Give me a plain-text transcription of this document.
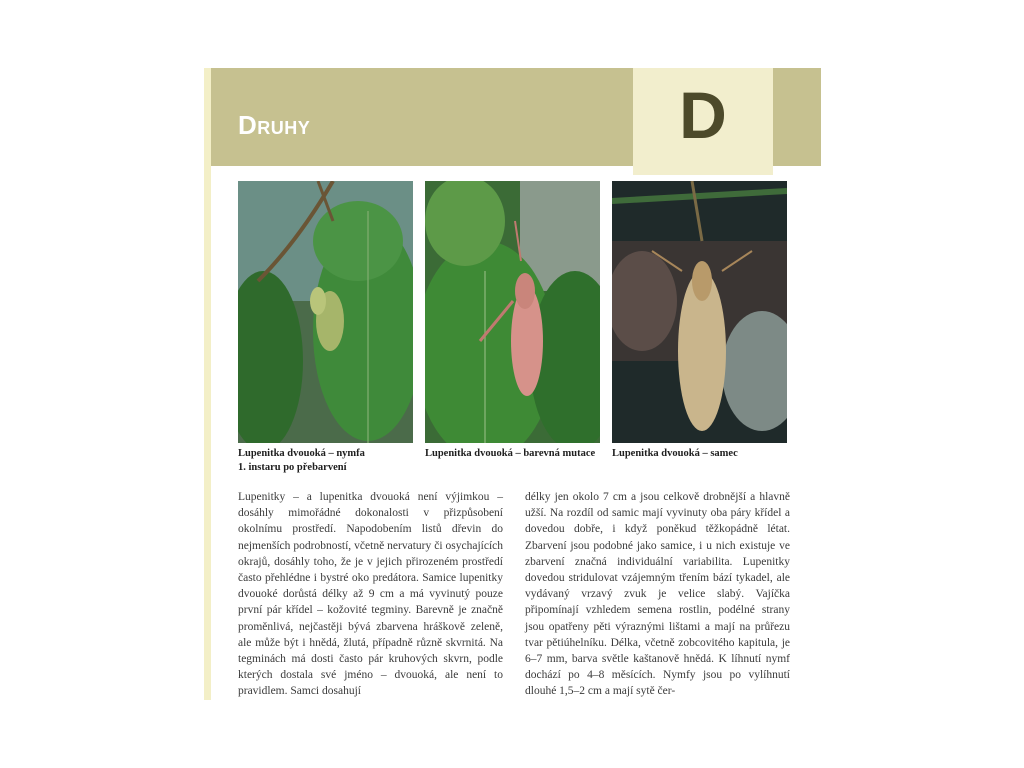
Druhy	D
Lupenitka dvouoká – nymfa
1. instaru po přebarvení
Lupenitka dvouoká – barevná mutace	Lupenitka dvouoká – samec
Lupenitky – a lupenitka dvouoká není výjimkou – dosáhly mimořádné dokonalosti v přizpůsobení okolnímu prostředí. Napodobením listů dřevin do nejmenších podrobností, včetně nervatury či osychajících okrajů, dosáhly toho, že je v jejich přirozeném prostředí často přehlédne i bystré oko predátora. Samice lupenitky dvouoké dorůstá délky až 9 cm a má vyvinutý pouze první pár křídel – kožovité tegminy. Barevně je značně proměnlivá, nejčastěji bývá zbarvena hráškově zeleně, ale může být i hnědá, žlutá, případně různě skvrnitá. Na tegminách má dosti často pár kruhových skvrn, podle kterých dostala své jméno – dvouoká, ale není to pravidlem. Samci dosahují
délky jen okolo 7 cm a jsou celkově drobnější a hlavně užší. Na rozdíl od samic mají vyvinuty oba páry křídel a dovedou dobře, i když poněkud těžkopádně létat. Zbarvení jsou podobné jako samice, i u nich existuje ve zbarvení značná individuální variabilita. Lupenitky dovedou stridulovat vzájemným třením bází tykadel, ale vydávaný vrzavý zvuk je velice slabý. Vajíčka připomínají vzhledem semena rostlin, podélné strany jsou opatřeny pěti výraznými lištami a mají na průřezu tvar pětiúhelníku. Délka, včetně zobcovitého kapitula, je 6–7 mm, barva světle kaštanově hnědá. K líhnutí nymf dochází po 4–8 měsících. Nymfy jsou po vylíhnutí dlouhé 1,5–2 cm a mají sytě čer-
